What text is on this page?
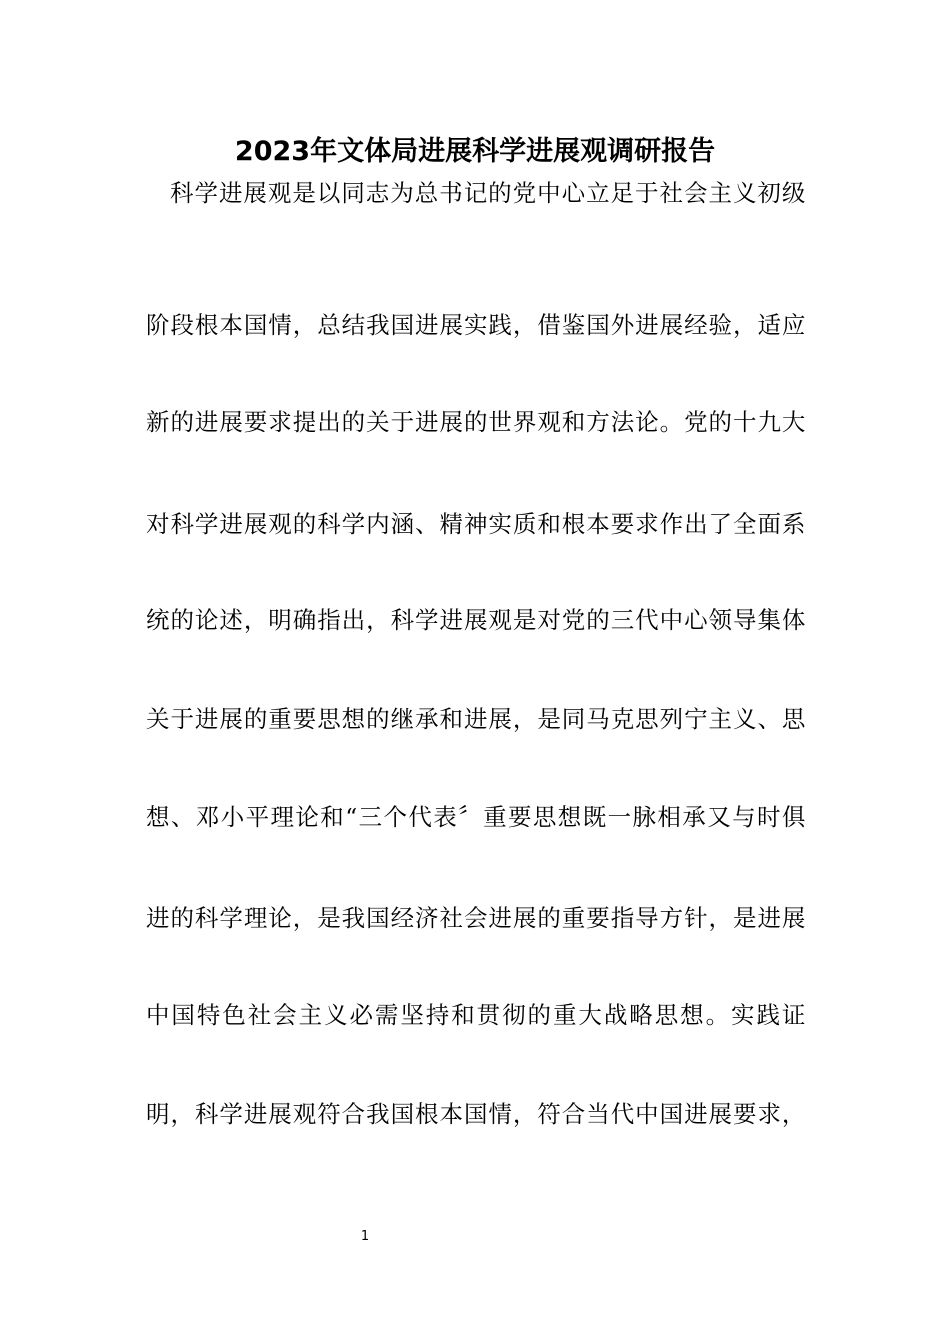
2023年文体局进展科学进展观调研报告
科学进展观是以同志为总书记的党中心立足于社会主义初级
阶段根本国情，总结我国进展实践，借鉴国外进展经验，适应
新的进展要求提出的关于进展的世界观和方法论。党的十九大
对科学进展观的科学内涵、精神实质和根本要求作出了全面系
统的论述，明确指出，科学进展观是对党的三代中心领导集体
关于进展的重要思想的继承和进展，是同马克思列宁主义、思
想、邓小平理论和“三个代表〞重要思想既一脉相承又与时俱
进的科学理论，是我国经济社会进展的重要指导方针，是进展
中国特色社会主义必需坚持和贯彻的重大战略思想。实践证
明，科学进展观符合我国根本国情，符合当代中国进展要求，
1
